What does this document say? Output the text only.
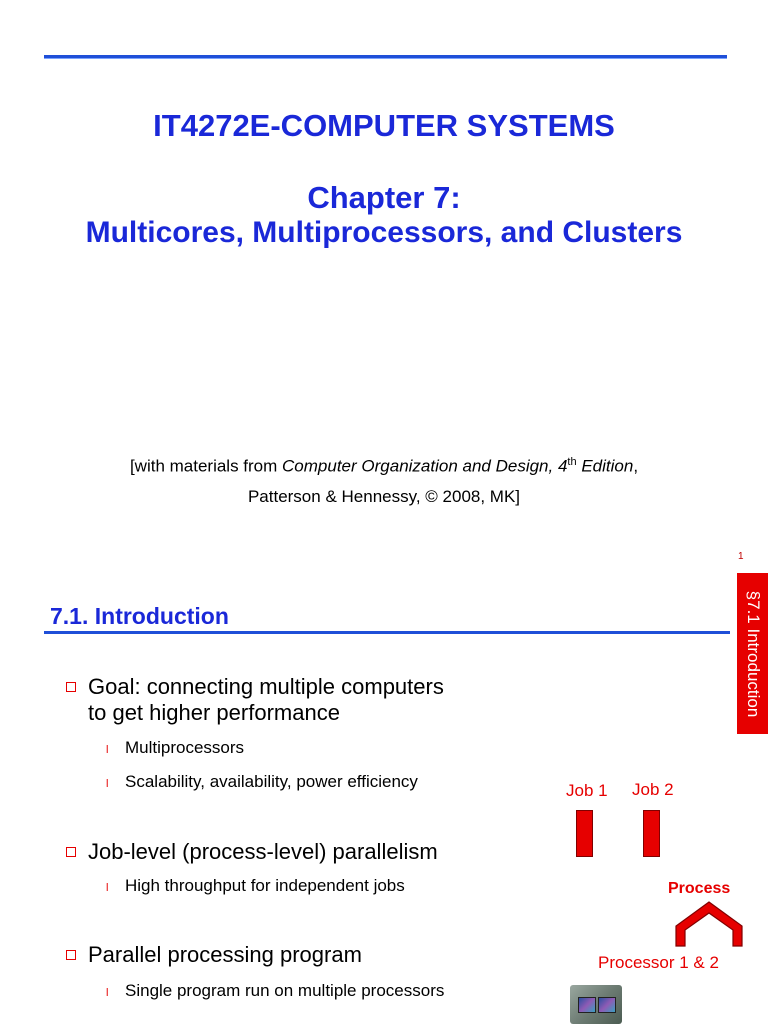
IT4272E-COMPUTER SYSTEMS
Chapter 7:
Multicores, Multiprocessors, and Clusters
[with materials from Computer Organization and Design, 4th Edition,
Patterson & Hennessy, © 2008, MK]
1
7.1. Introduction	§7.1 Introduction
Goal: connecting multiple computers
to get higher performance
l Multiprocessors
l Scalability, availability, power efficiency
Job-level (process-level) parallelism
l High throughput for independent jobs
Parallel processing program
l Single program run on multiple processors
Job 1 Job 2
Process
Processor 1 & 2
